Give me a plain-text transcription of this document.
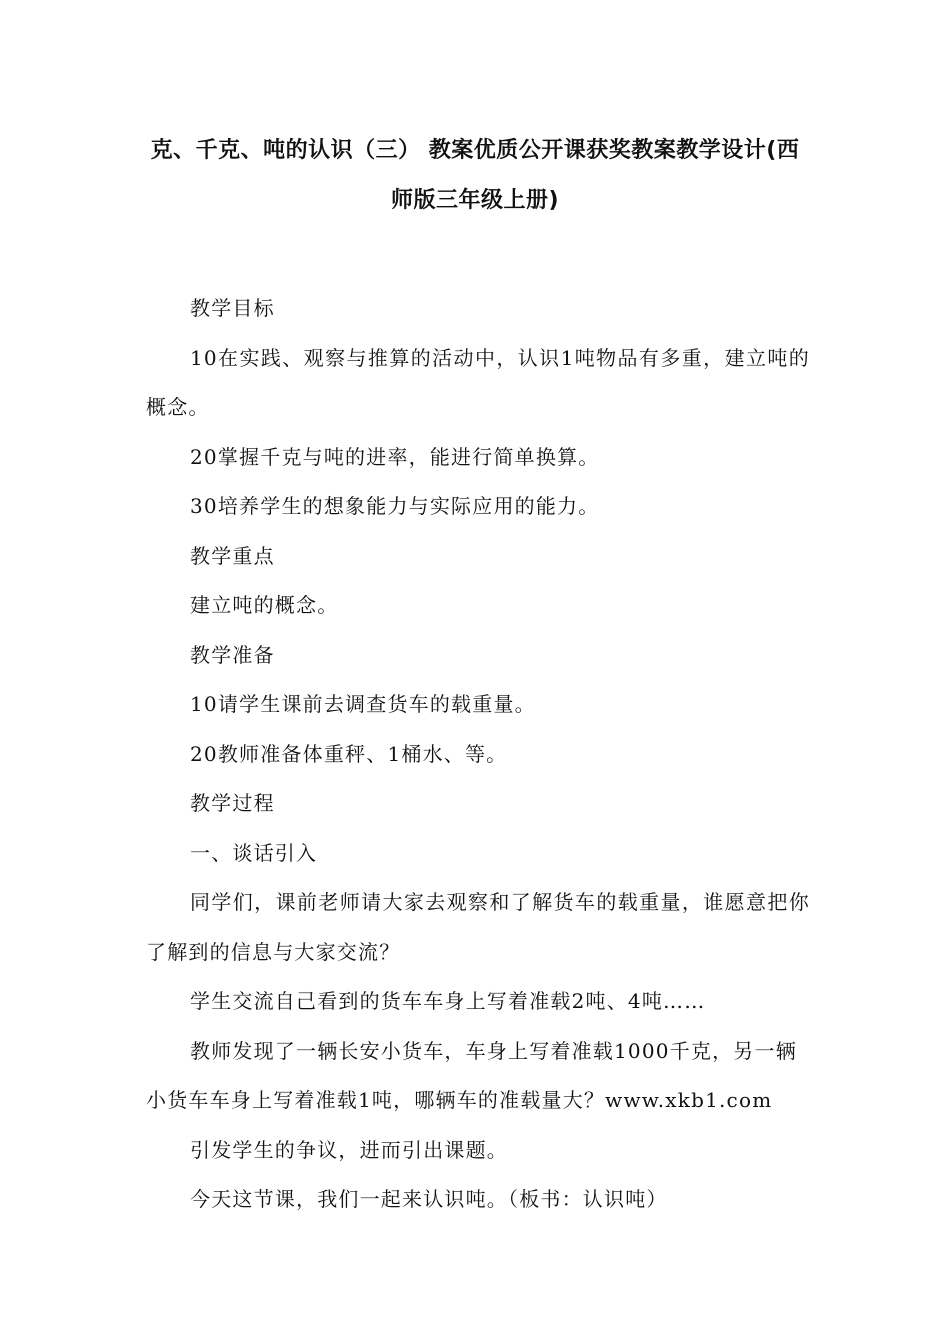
克、千克、吨的认识（三） 教案优质公开课获奖教案教学设计(西
师版三年级上册)

教学目标

10在实践、观察与推算的活动中，认识1吨物品有多重，建立吨的概念。

20掌握千克与吨的进率，能进行简单换算。

30培养学生的想象能力与实际应用的能力。

教学重点

建立吨的概念。

教学准备

10请学生课前去调查货车的载重量。

20教师准备体重秤、1桶水、等。

教学过程

一、谈话引入

同学们，课前老师请大家去观察和了解货车的载重量，谁愿意把你了解到的信息与大家交流？

学生交流自己看到的货车车身上写着准载2吨、4吨……

教师发现了一辆长安小货车，车身上写着准载1000千克，另一辆小货车车身上写着准载1吨，哪辆车的准载量大？www.xkb1.com

引发学生的争议，进而引出课题。

今天这节课，我们一起来认识吨。（板书：认识吨）
